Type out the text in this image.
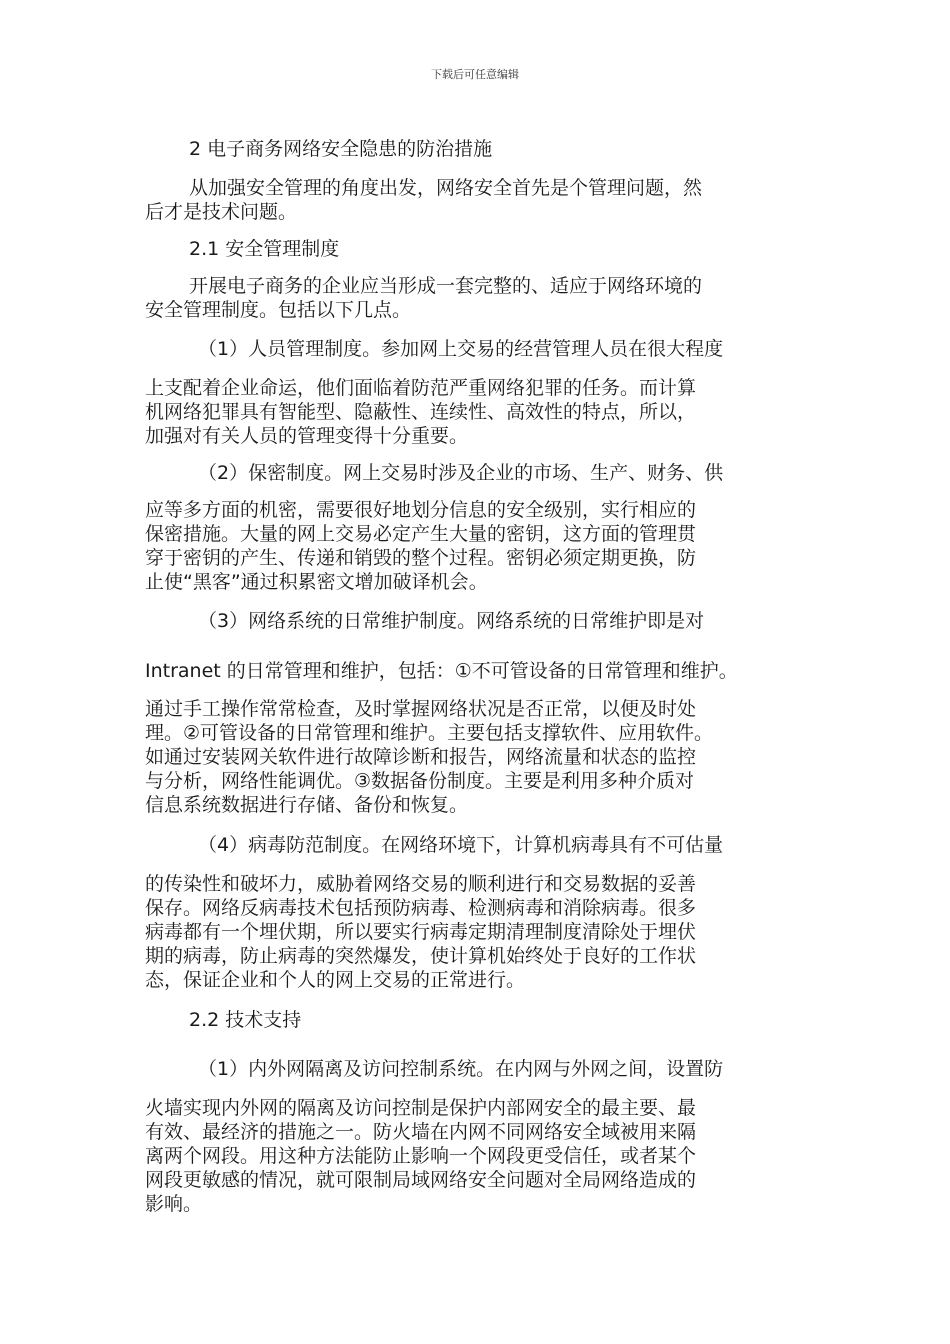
下载后可任意编辑
2 电子商务网络安全隐患的防治措施
从加强安全管理的角度出发，网络安全首先是个管理问题，然
后才是技术问题。
2.1 安全管理制度
开展电子商务的企业应当形成一套完整的、适应于网络环境的
安全管理制度。包括以下几点。
（1）人员管理制度。参加网上交易的经营管理人员在很大程度
上支配着企业命运，他们面临着防范严重网络犯罪的任务。而计算
机网络犯罪具有智能型、隐蔽性、连续性、高效性的特点，所以，
加强对有关人员的管理变得十分重要。
（2）保密制度。网上交易时涉及企业的市场、生产、财务、供
应等多方面的机密，需要很好地划分信息的安全级别，实行相应的
保密措施。大量的网上交易必定产生大量的密钥，这方面的管理贯
穿于密钥的产生、传递和销毁的整个过程。密钥必须定期更换，防
止使“黑客”通过积累密文增加破译机会。
（3）网络系统的日常维护制度。网络系统的日常维护即是对
Intranet 的日常管理和维护，包括：①不可管设备的日常管理和维护。
通过手工操作常常检查，及时掌握网络状况是否正常，以便及时处
理。②可管设备的日常管理和维护。主要包括支撑软件、应用软件。
如通过安装网关软件进行故障诊断和报告，网络流量和状态的监控
与分析，网络性能调优。③数据备份制度。主要是利用多种介质对
信息系统数据进行存储、备份和恢复。
（4）病毒防范制度。在网络环境下，计算机病毒具有不可估量
的传染性和破坏力，威胁着网络交易的顺利进行和交易数据的妥善
保存。网络反病毒技术包括预防病毒、检测病毒和消除病毒。很多
病毒都有一个埋伏期，所以要实行病毒定期清理制度清除处于埋伏
期的病毒，防止病毒的突然爆发，使计算机始终处于良好的工作状
态，保证企业和个人的网上交易的正常进行。
2.2 技术支持
（1）内外网隔离及访问控制系统。在内网与外网之间，设置防
火墙实现内外网的隔离及访问控制是保护内部网安全的最主要、最
有效、最经济的措施之一。防火墙在内网不同网络安全域被用来隔
离两个网段。用这种方法能防止影响一个网段更受信任，或者某个
网段更敏感的情况，就可限制局域网络安全问题对全局网络造成的
影响。
